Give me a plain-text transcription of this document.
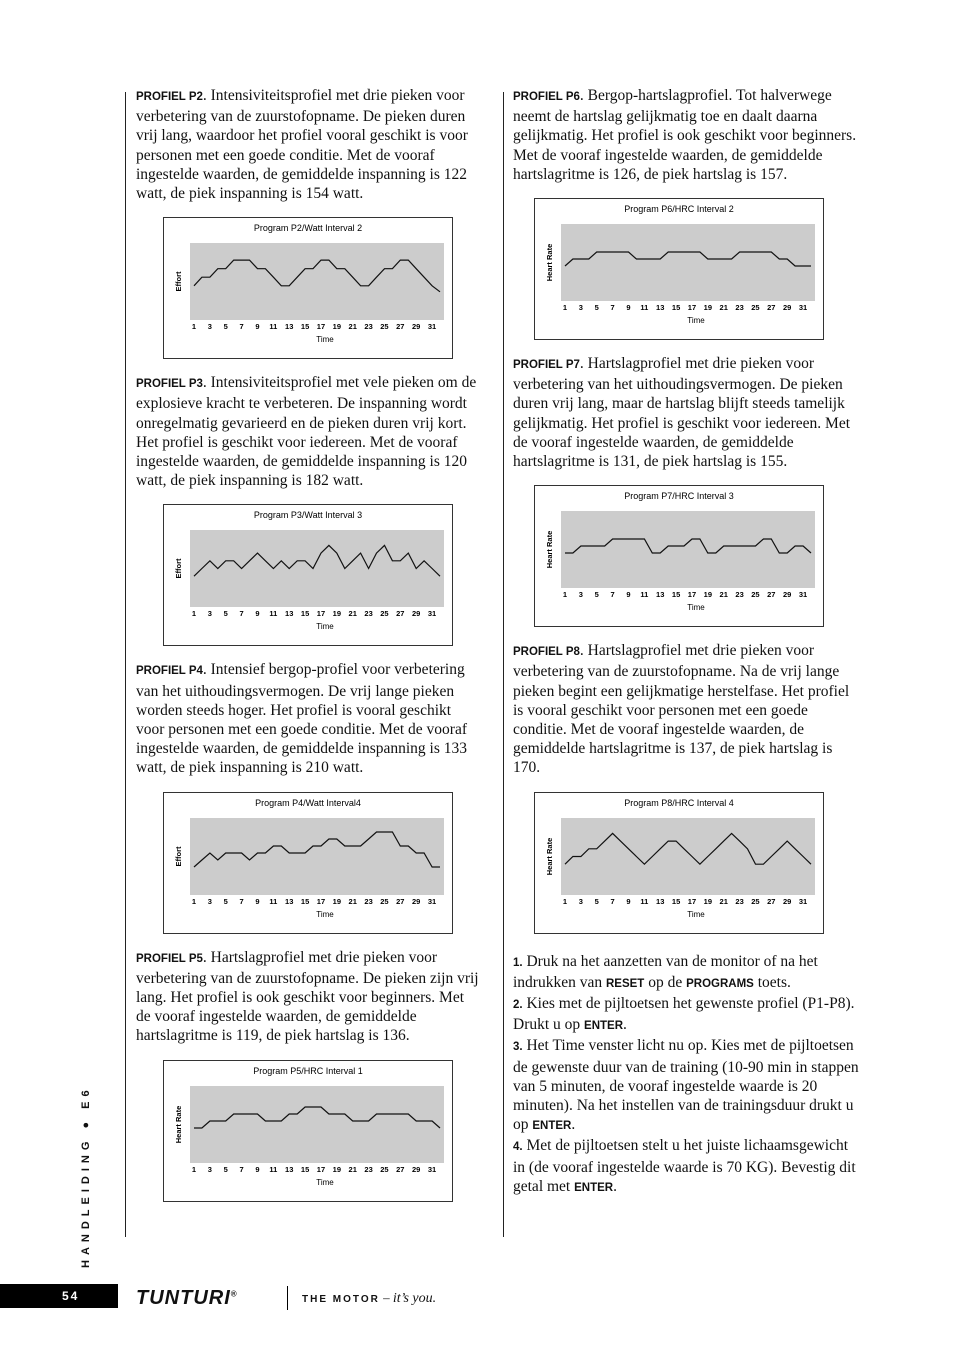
PROFIEL P2. Intensiviteitsprofiel met drie pieken voor verbetering van de zuurstofopname. De pieken duren vrij lang, waardoor het profiel vooral geschikt is voor personen met een goede conditie. Met de vooraf ingestelde waarden, de gemiddelde inspanning is 122 watt, de piek inspanning is 154 watt.

Program P2/Watt Interval 2
Effort
Time
1 3 5 7 9 11 13 15 17 19 21 23 25 27 29 31

PROFIEL P3. Intensiviteitsprofiel met vele pieken om de explosieve kracht te verbeteren. De inspanning wordt onregelmatig gevarieerd en de pieken duren vrij kort. Het profiel is geschikt voor iedereen. Met de vooraf ingestelde waarden, de gemiddelde inspanning is 120 watt, de piek inspanning is 182 watt.

Program P3/Watt Interval 3
Effort
Time
1 3 5 7 9 11 13 15 17 19 21 23 25 27 29 31

PROFIEL P4. Intensief bergop-profiel voor verbetering van het uithoudingsvermogen. De vrij lange pieken worden steeds hoger. Het profiel is vooral geschikt voor personen met een goede conditie. Met de vooraf ingestelde waarden, de gemiddelde inspanning is 133 watt, de piek inspanning is 210 watt.

Program P4/Watt Interval4
Effort
Time
1 3 5 7 9 11 13 15 17 19 21 23 25 27 29 31

PROFIEL P5. Hartslagprofiel met drie pieken voor verbetering van de zuurstofopname. De pieken zijn vrij lang. Het profiel is ook geschikt voor beginners. Met de vooraf ingestelde waarden, de gemiddelde hartslagritme is 119, de piek hartslag is 136.

Program P5/HRC Interval 1
Heart Rate
Time
1 3 5 7 9 11 13 15 17 19 21 23 25 27 29 31

PROFIEL P6. Bergop-hartslagprofiel. Tot halverwege neemt de hartslag gelijkmatig toe en daalt daarna gelijkmatig. Het profiel is ook geschikt voor beginners. Met de vooraf ingestelde waarden, de gemiddelde hartslagritme is 126, de piek hartslag is 157.

Program P6/HRC Interval 2
Heart Rate
Time
1 3 5 7 9 11 13 15 17 19 21 23 25 27 29 31

PROFIEL P7. Hartslagprofiel met drie pieken voor verbetering van het uithoudingsvermogen. De pieken duren vrij lang, maar de hartslag blijft steeds tamelijk gelijkmatig. Het profiel is geschikt voor iedereen. Met de vooraf ingestelde waarden, de gemiddelde hartslagritme is 131, de piek hartslag is 155.

Program P7/HRC Interval 3
Heart Rate
Time
1 3 5 7 9 11 13 15 17 19 21 23 25 27 29 31

PROFIEL P8. Hartslagprofiel met drie pieken voor verbetering van de zuurstofopname. Na de vrij lange pieken begint een gelijkmatige herstelfase. Het profiel is vooral geschikt voor personen met een goede conditie. Met de vooraf ingestelde waarden, de gemiddelde hartslagritme is 137, de piek hartslag is 170.

Program P8/HRC Interval 4
Heart Rate
Time
1 3 5 7 9 11 13 15 17 19 21 23 25 27 29 31

1. Druk na het aanzetten van de monitor of na het indrukken van RESET op de PROGRAMS toets.

2. Kies met de pijltoetsen het gewenste profiel (P1-P8). Drukt u op ENTER.

3. Het Time venster licht nu op. Kies met de pijltoetsen de gewenste duur van de training (10-90 min in stappen van 5 minuten, de vooraf ingestelde waarde is 20 minuten). Na het instellen van de trainingsduur drukt u op ENTER.

4. Met de pijltoetsen stelt u het juiste lichaamsgewicht in (de vooraf ingestelde waarde is 70 KG). Bevestig dit getal met ENTER.

HANDLEIDING ● E6
54	TUNTURI®
THE MOTOR – it’s you.
